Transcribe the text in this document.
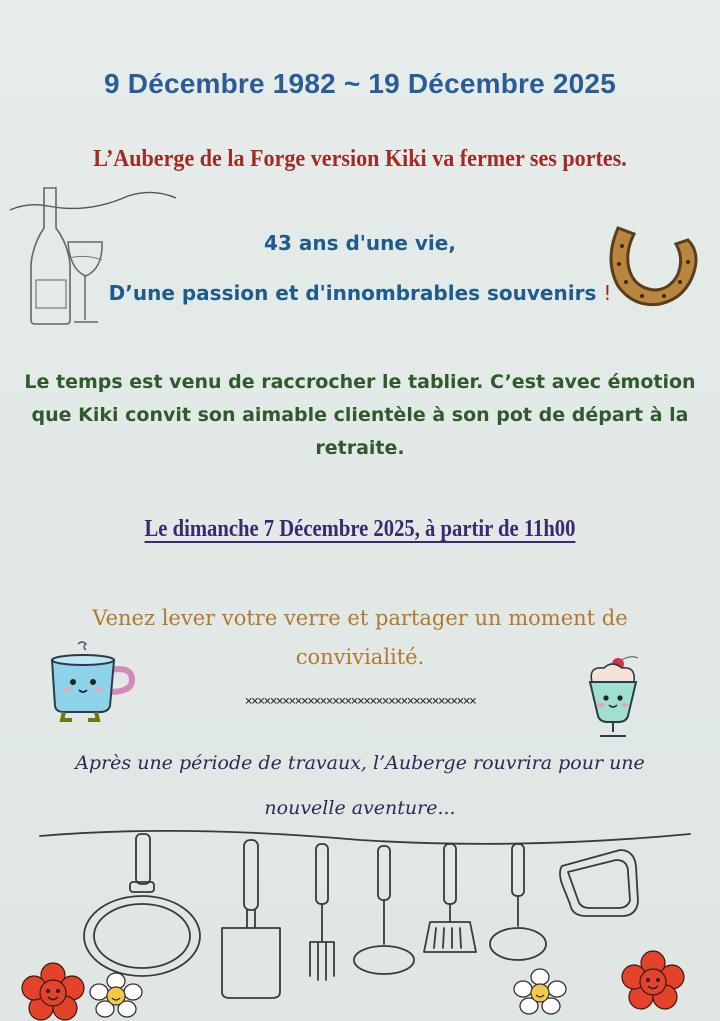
9 Décembre 1982 ~ 19 Décembre 2025
L’Auberge de la Forge version Kiki va fermer ses portes.
43 ans d'une vie,
D’une passion et d'innombrables souvenirs !
Le temps est venu de raccrocher le tablier. C’est avec émotion
que Kiki convit son aimable clientèle à son pot de départ à la
retraite.
Le dimanche 7 Décembre 2025, à partir de 11h00
Venez lever votre verre et partager un moment de
convivialité.
×××××××××××××××××××××××××××××××××××××
Après une période de travaux, l’Auberge rouvrira pour une
nouvelle aventure...
